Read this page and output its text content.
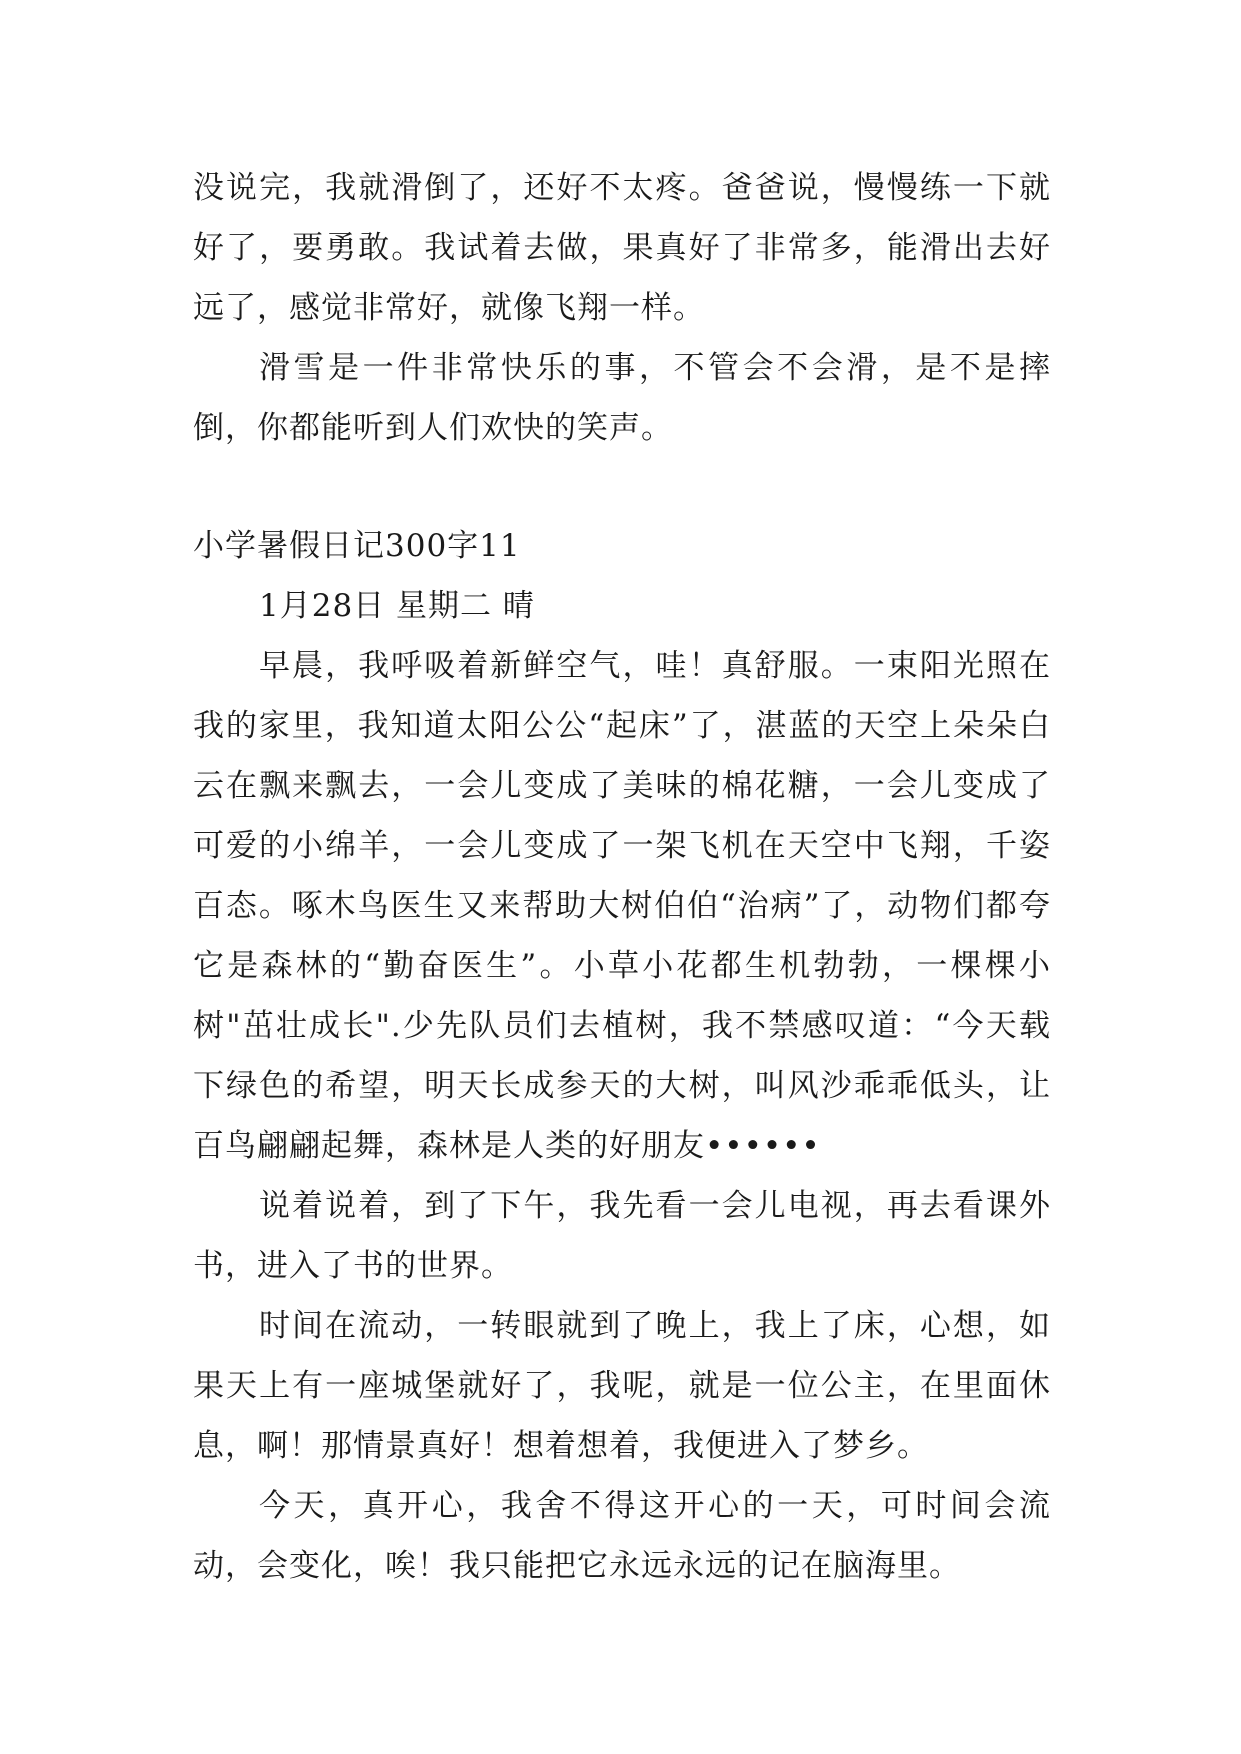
没说完，我就滑倒了，还好不太疼。爸爸说，慢慢练一下就好了，要勇敢。我试着去做，果真好了非常多，能滑出去好远了，感觉非常好，就像飞翔一样。

滑雪是一件非常快乐的事，不管会不会滑，是不是摔倒，你都能听到人们欢快的笑声。

小学暑假日记300字11

1月28日 星期二 晴

早晨，我呼吸着新鲜空气，哇！真舒服。一束阳光照在我的家里，我知道太阳公公“起床”了，湛蓝的天空上朵朵白云在飘来飘去，一会儿变成了美味的棉花糖，一会儿变成了可爱的小绵羊，一会儿变成了一架飞机在天空中飞翔，千姿百态。啄木鸟医生又来帮助大树伯伯“治病”了，动物们都夸它是森林的“勤奋医生”。小草小花都生机勃勃，一棵棵小树"茁壮成长".少先队员们去植树，我不禁感叹道：“今天载下绿色的希望，明天长成参天的大树，叫风沙乖乖低头，让百鸟翩翩起舞，森林是人类的好朋友••••••

说着说着，到了下午，我先看一会儿电视，再去看课外书，进入了书的世界。

时间在流动，一转眼就到了晚上，我上了床，心想，如果天上有一座城堡就好了，我呢，就是一位公主，在里面休息，啊！那情景真好！想着想着，我便进入了梦乡。

今天，真开心，我舍不得这开心的一天，可时间会流动，会变化，唉！我只能把它永远永远的记在脑海里。
